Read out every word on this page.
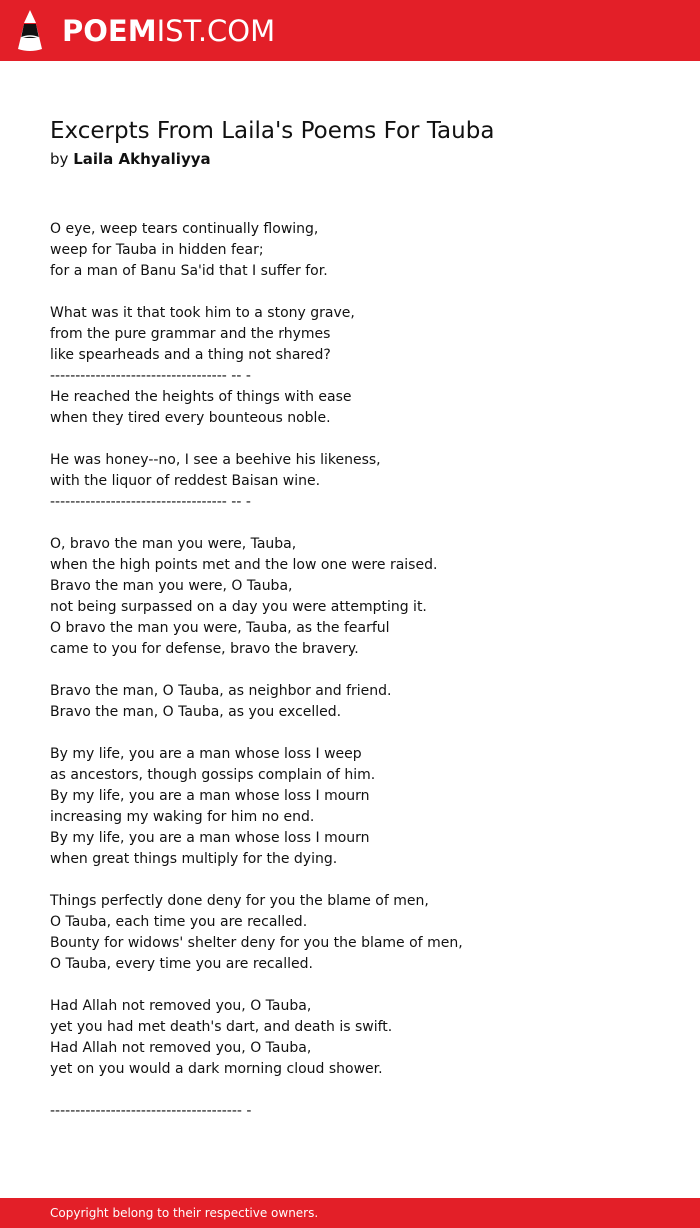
POEMIST.COM
Excerpts From Laila's Poems For Tauba
by Laila Akhyaliyya
O eye, weep tears continually flowing,
weep for Tauba in hidden fear;
for a man of Banu Sa'id that I suffer for.
What was it that took him to a stony grave,
from the pure grammar and the rhymes
like spearheads and a thing not shared?
----------------------------------- -- -
He reached the heights of things with ease
when they tired every bounteous noble.
He was honey--no, I see a beehive his likeness,
with the liquor of reddest Baisan wine.
----------------------------------- -- -
O, bravo the man you were, Tauba,
when the high points met and the low one were raised.
Bravo the man you were, O Tauba,
not being surpassed on a day you were attempting it.
O bravo the man you were, Tauba, as the fearful
came to you for defense, bravo the bravery.
Bravo the man, O Tauba, as neighbor and friend.
Bravo the man, O Tauba, as you excelled.
By my life, you are a man whose loss I weep
as ancestors, though gossips complain of him.
By my life, you are a man whose loss I mourn
increasing my waking for him no end.
By my life, you are a man whose loss I mourn
when great things multiply for the dying.
Things perfectly done deny for you the blame of men,
O Tauba, each time you are recalled.
Bounty for widows' shelter deny for you the blame of men,
O Tauba, every time you are recalled.
Had Allah not removed you, O Tauba,
yet you had met death's dart, and death is swift.
Had Allah not removed you, O Tauba,
yet on you would a dark morning cloud shower.
-------------------------------------- -
Copyright belong to their respective owners.
